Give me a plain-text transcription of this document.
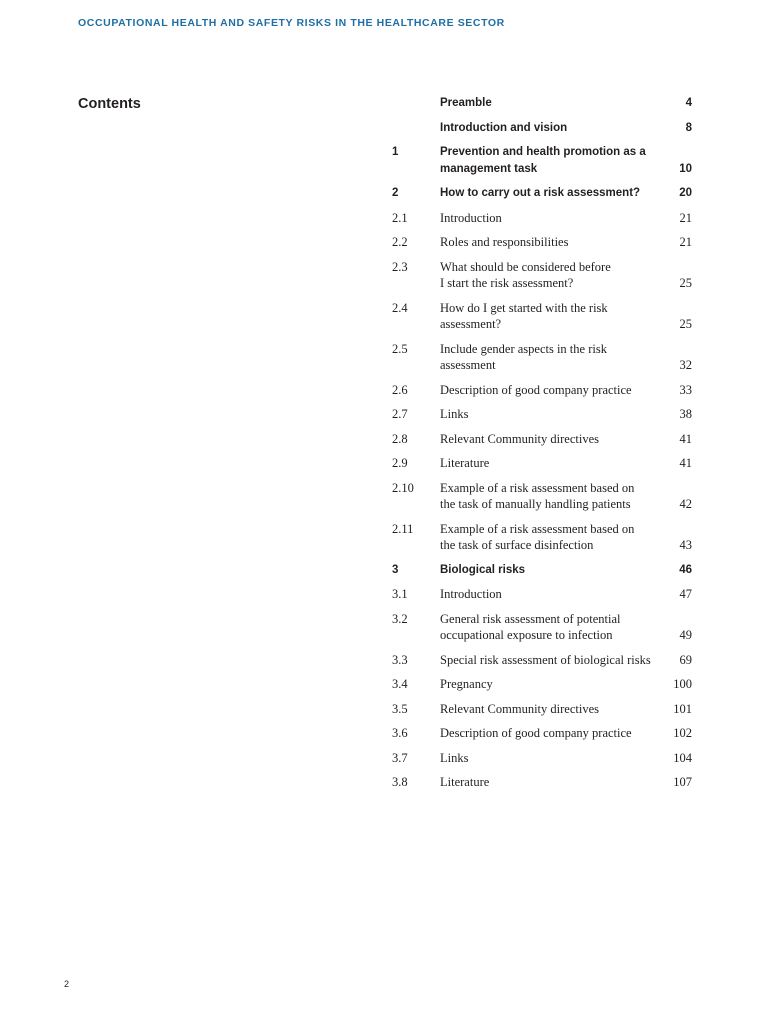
OCCUPATIONAL HEALTH AND SAFETY RISKS IN THE HEALTHCARE SECTOR
Contents	Preamble	4
Introduction and vision	8
1	Prevention and health promotion as a
management task	10
2	How to carry out a risk assessment?	20
2.1	Introduction	21
2.2	Roles and responsibilities	21
2.3	What should be considered before
I start the risk assessment?	25
2.4	How do I get started with the risk
assessment?	25
2.5	Include gender aspects in the risk
assessment	32
2.6	Description of good company practice	33
2.7	Links	38
2.8	Relevant Community directives	41
2.9	Literature	41
2.10	Example of a risk assessment based on
the task of manually handling patients	42
2.11	Example of a risk assessment based on
the task of surface disinfection	43
3	Biological risks	46
3.1	Introduction	47
3.2	General risk assessment of potential
occupational exposure to infection	49
3.3	Special risk assessment of biological risks	69
3.4	Pregnancy	100
3.5	Relevant Community directives	101
3.6	Description of good company practice	102
3.7	Links	104
3.8	Literature	107
2
